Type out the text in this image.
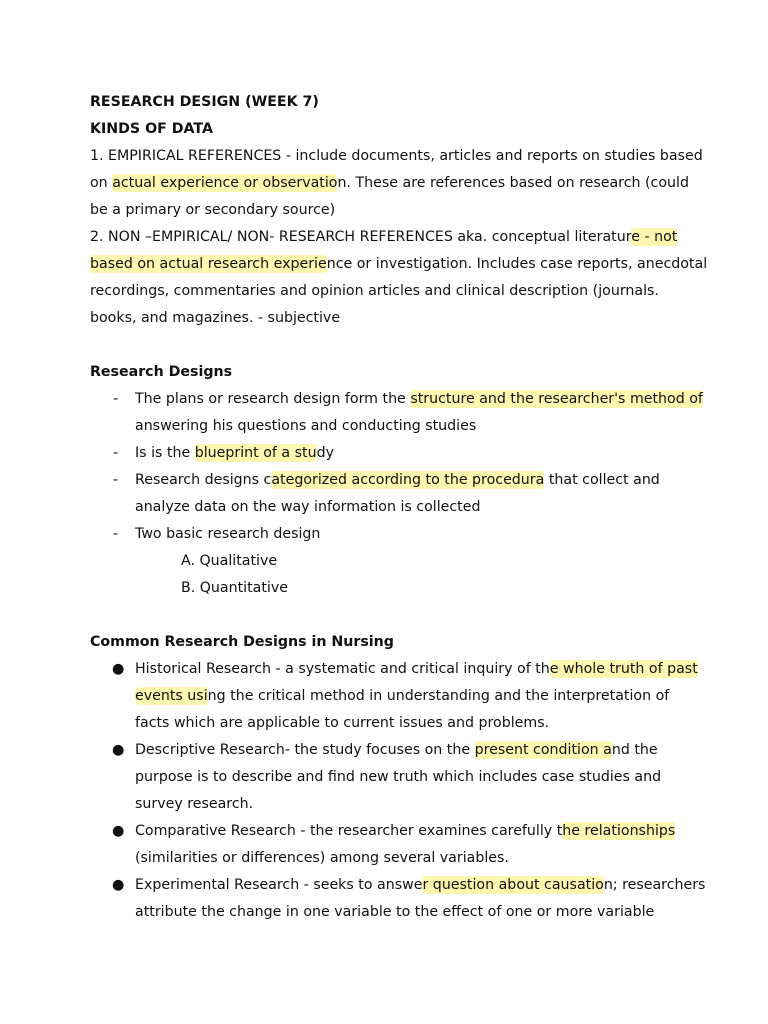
RESEARCH DESIGN (WEEK 7)
KINDS OF DATA
1. EMPIRICAL REFERENCES - include documents, articles and reports on studies based
on actual experience or observation. These are references based on research (could
be a primary or secondary source)
2. NON –EMPIRICAL/ NON- RESEARCH REFERENCES aka. conceptual literature - not
based on actual research experience or investigation. Includes case reports, anecdotal
recordings, commentaries and opinion articles and clinical description (journals.
books, and magazines. - subjective
Research Designs
- The plans or research design form the structure and the researcher's method of
answering his questions and conducting studies
- Is is the blueprint of a study
- Research designs categorized according to the procedura that collect and
analyze data on the way information is collected
- Two basic research design
A. Qualitative
B. Quantitative
Common Research Designs in Nursing
● Historical Research - a systematic and critical inquiry of the whole truth of past
events using the critical method in understanding and the interpretation of
facts which are applicable to current issues and problems.
● Descriptive Research- the study focuses on the present condition and the
purpose is to describe and find new truth which includes case studies and
survey research.
● Comparative Research - the researcher examines carefully the relationships
(similarities or differences) among several variables.
● Experimental Research - seeks to answer question about causation; researchers
attribute the change in one variable to the effect of one or more variable
